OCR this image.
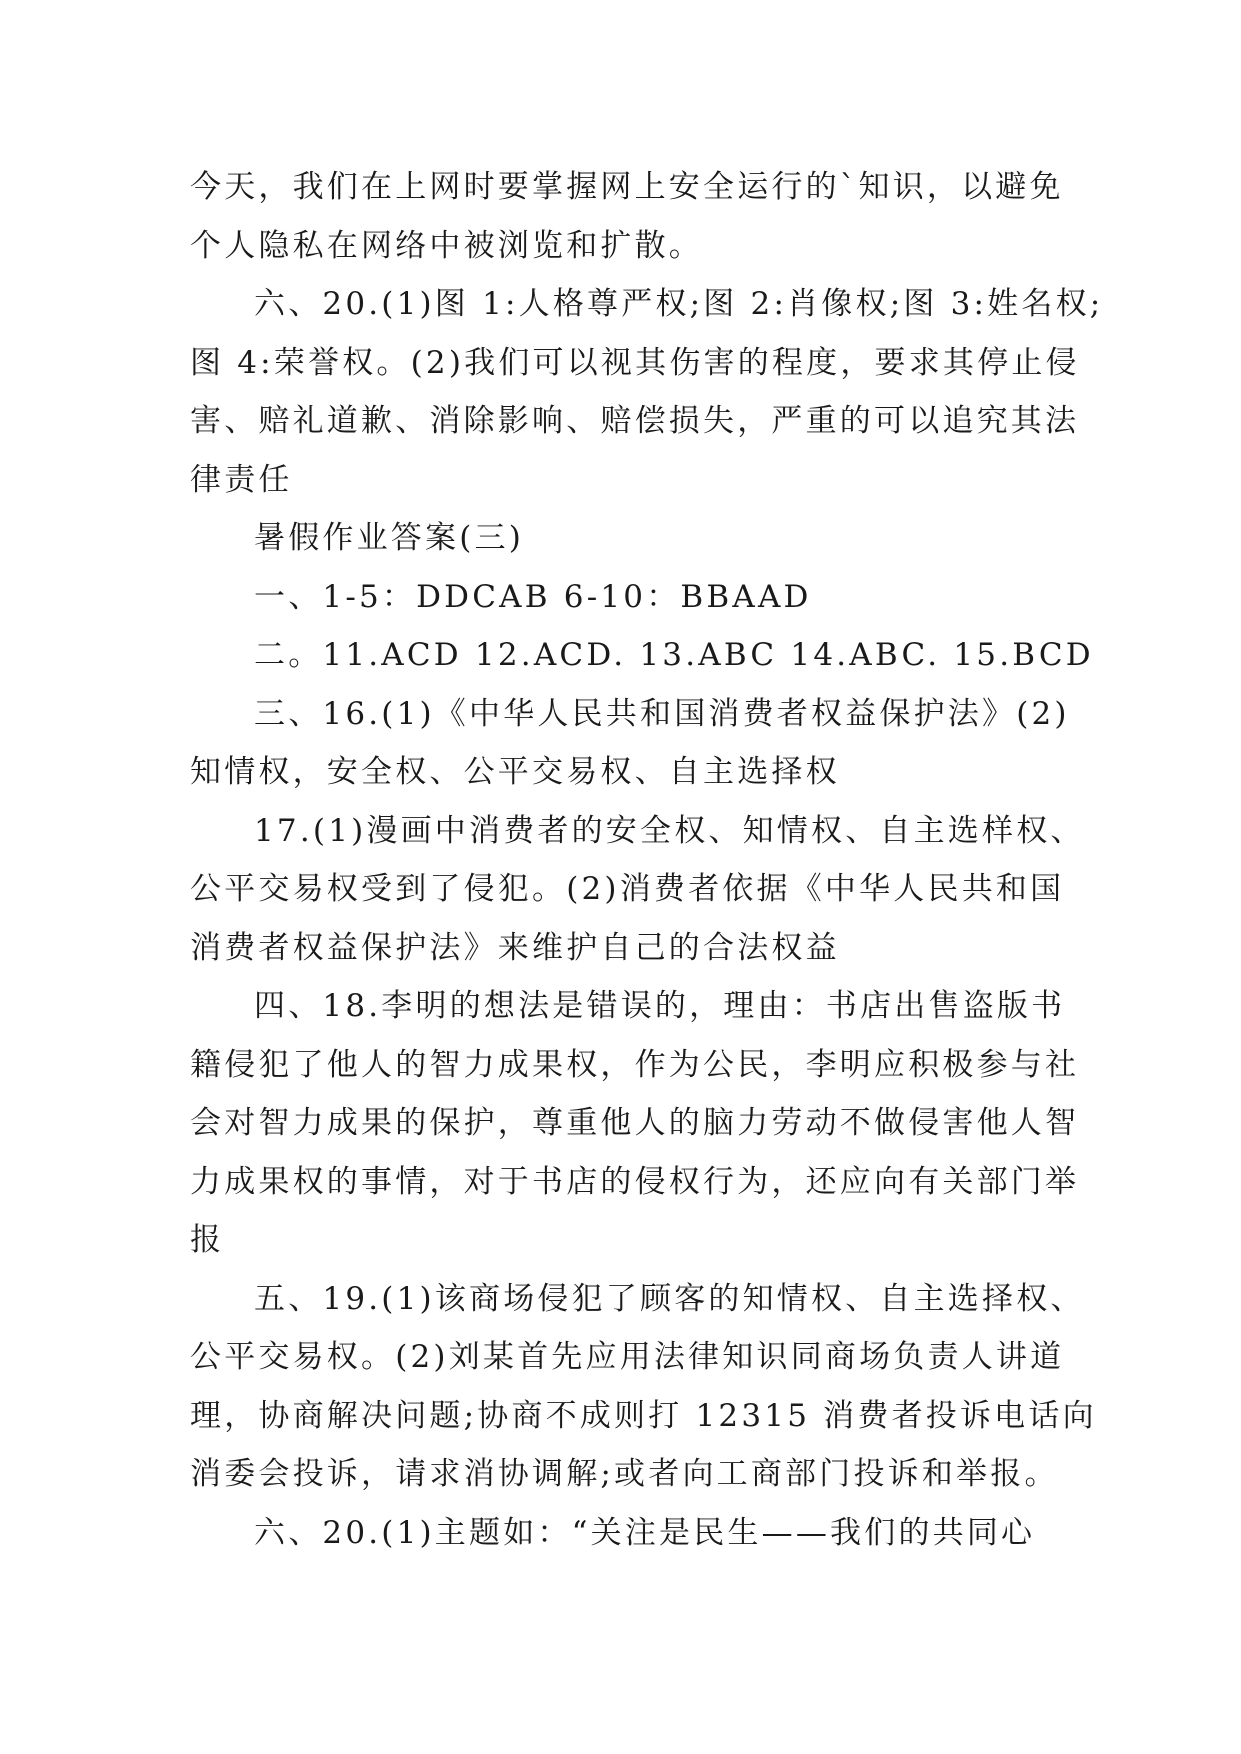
今天，我们在上网时要掌握网上安全运行的`知识，以避免
个人隐私在网络中被浏览和扩散。
六、20.(1)图 1:人格尊严权;图 2:肖像权;图 3:姓名权;
图 4:荣誉权。(2)我们可以视其伤害的程度，要求其停止侵
害、赔礼道歉、消除影响、赔偿损失，严重的可以追究其法
律责任
暑假作业答案(三)
一、1-5：DDCAB 6-10：BBAAD
二。11.ACD 12.ACD. 13.ABC 14.ABC. 15.BCD
三、16.(1)《中华人民共和国消费者权益保护法》(2)
知情权，安全权、公平交易权、自主选择权
17.(1)漫画中消费者的安全权、知情权、自主选样权、
公平交易权受到了侵犯。(2)消费者依据《中华人民共和国
消费者权益保护法》来维护自己的合法权益
四、18.李明的想法是错误的，理由：书店出售盗版书
籍侵犯了他人的智力成果权，作为公民，李明应积极参与社
会对智力成果的保护，尊重他人的脑力劳动不做侵害他人智
力成果权的事情，对于书店的侵权行为，还应向有关部门举
报
五、19.(1)该商场侵犯了顾客的知情权、自主选择权、
公平交易权。(2)刘某首先应用法律知识同商场负责人讲道
理，协商解决问题;协商不成则打 12315 消费者投诉电话向
消委会投诉，请求消协调解;或者向工商部门投诉和举报。
六、20.(1)主题如：“关注是民生——我们的共同心
